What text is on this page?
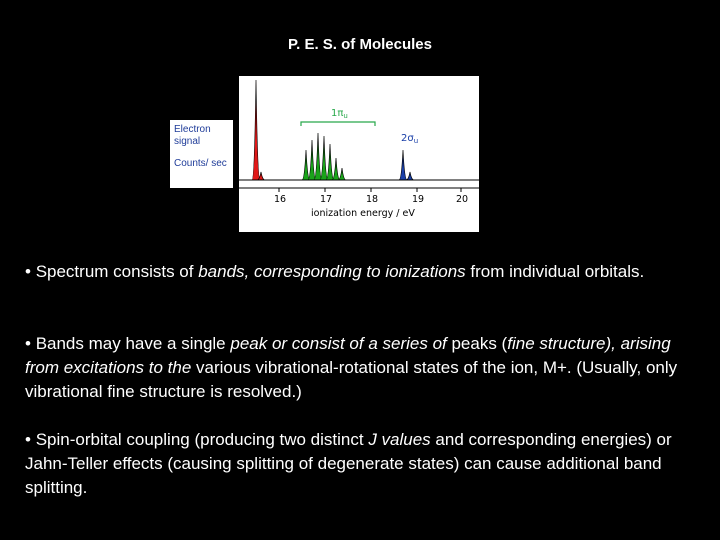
P. E. S. of Molecules
Electron signal
Counts/ sec
$1\pi_u$
$2\sigma_u$
16	17	18	19	20
ionization energy / eV
• Spectrum consists of bands, corresponding to ionizations from individual orbitals.
• Bands may have a single peak or consist of a series of peaks (fine structure), arising from excitations to the various vibrational-rotational states of the ion, M+. (Usually, only vibrational fine structure is resolved.)
• Spin-orbital coupling (producing two distinct J values and corresponding energies) or Jahn-Teller effects (causing splitting of degenerate states) can cause additional band splitting.
